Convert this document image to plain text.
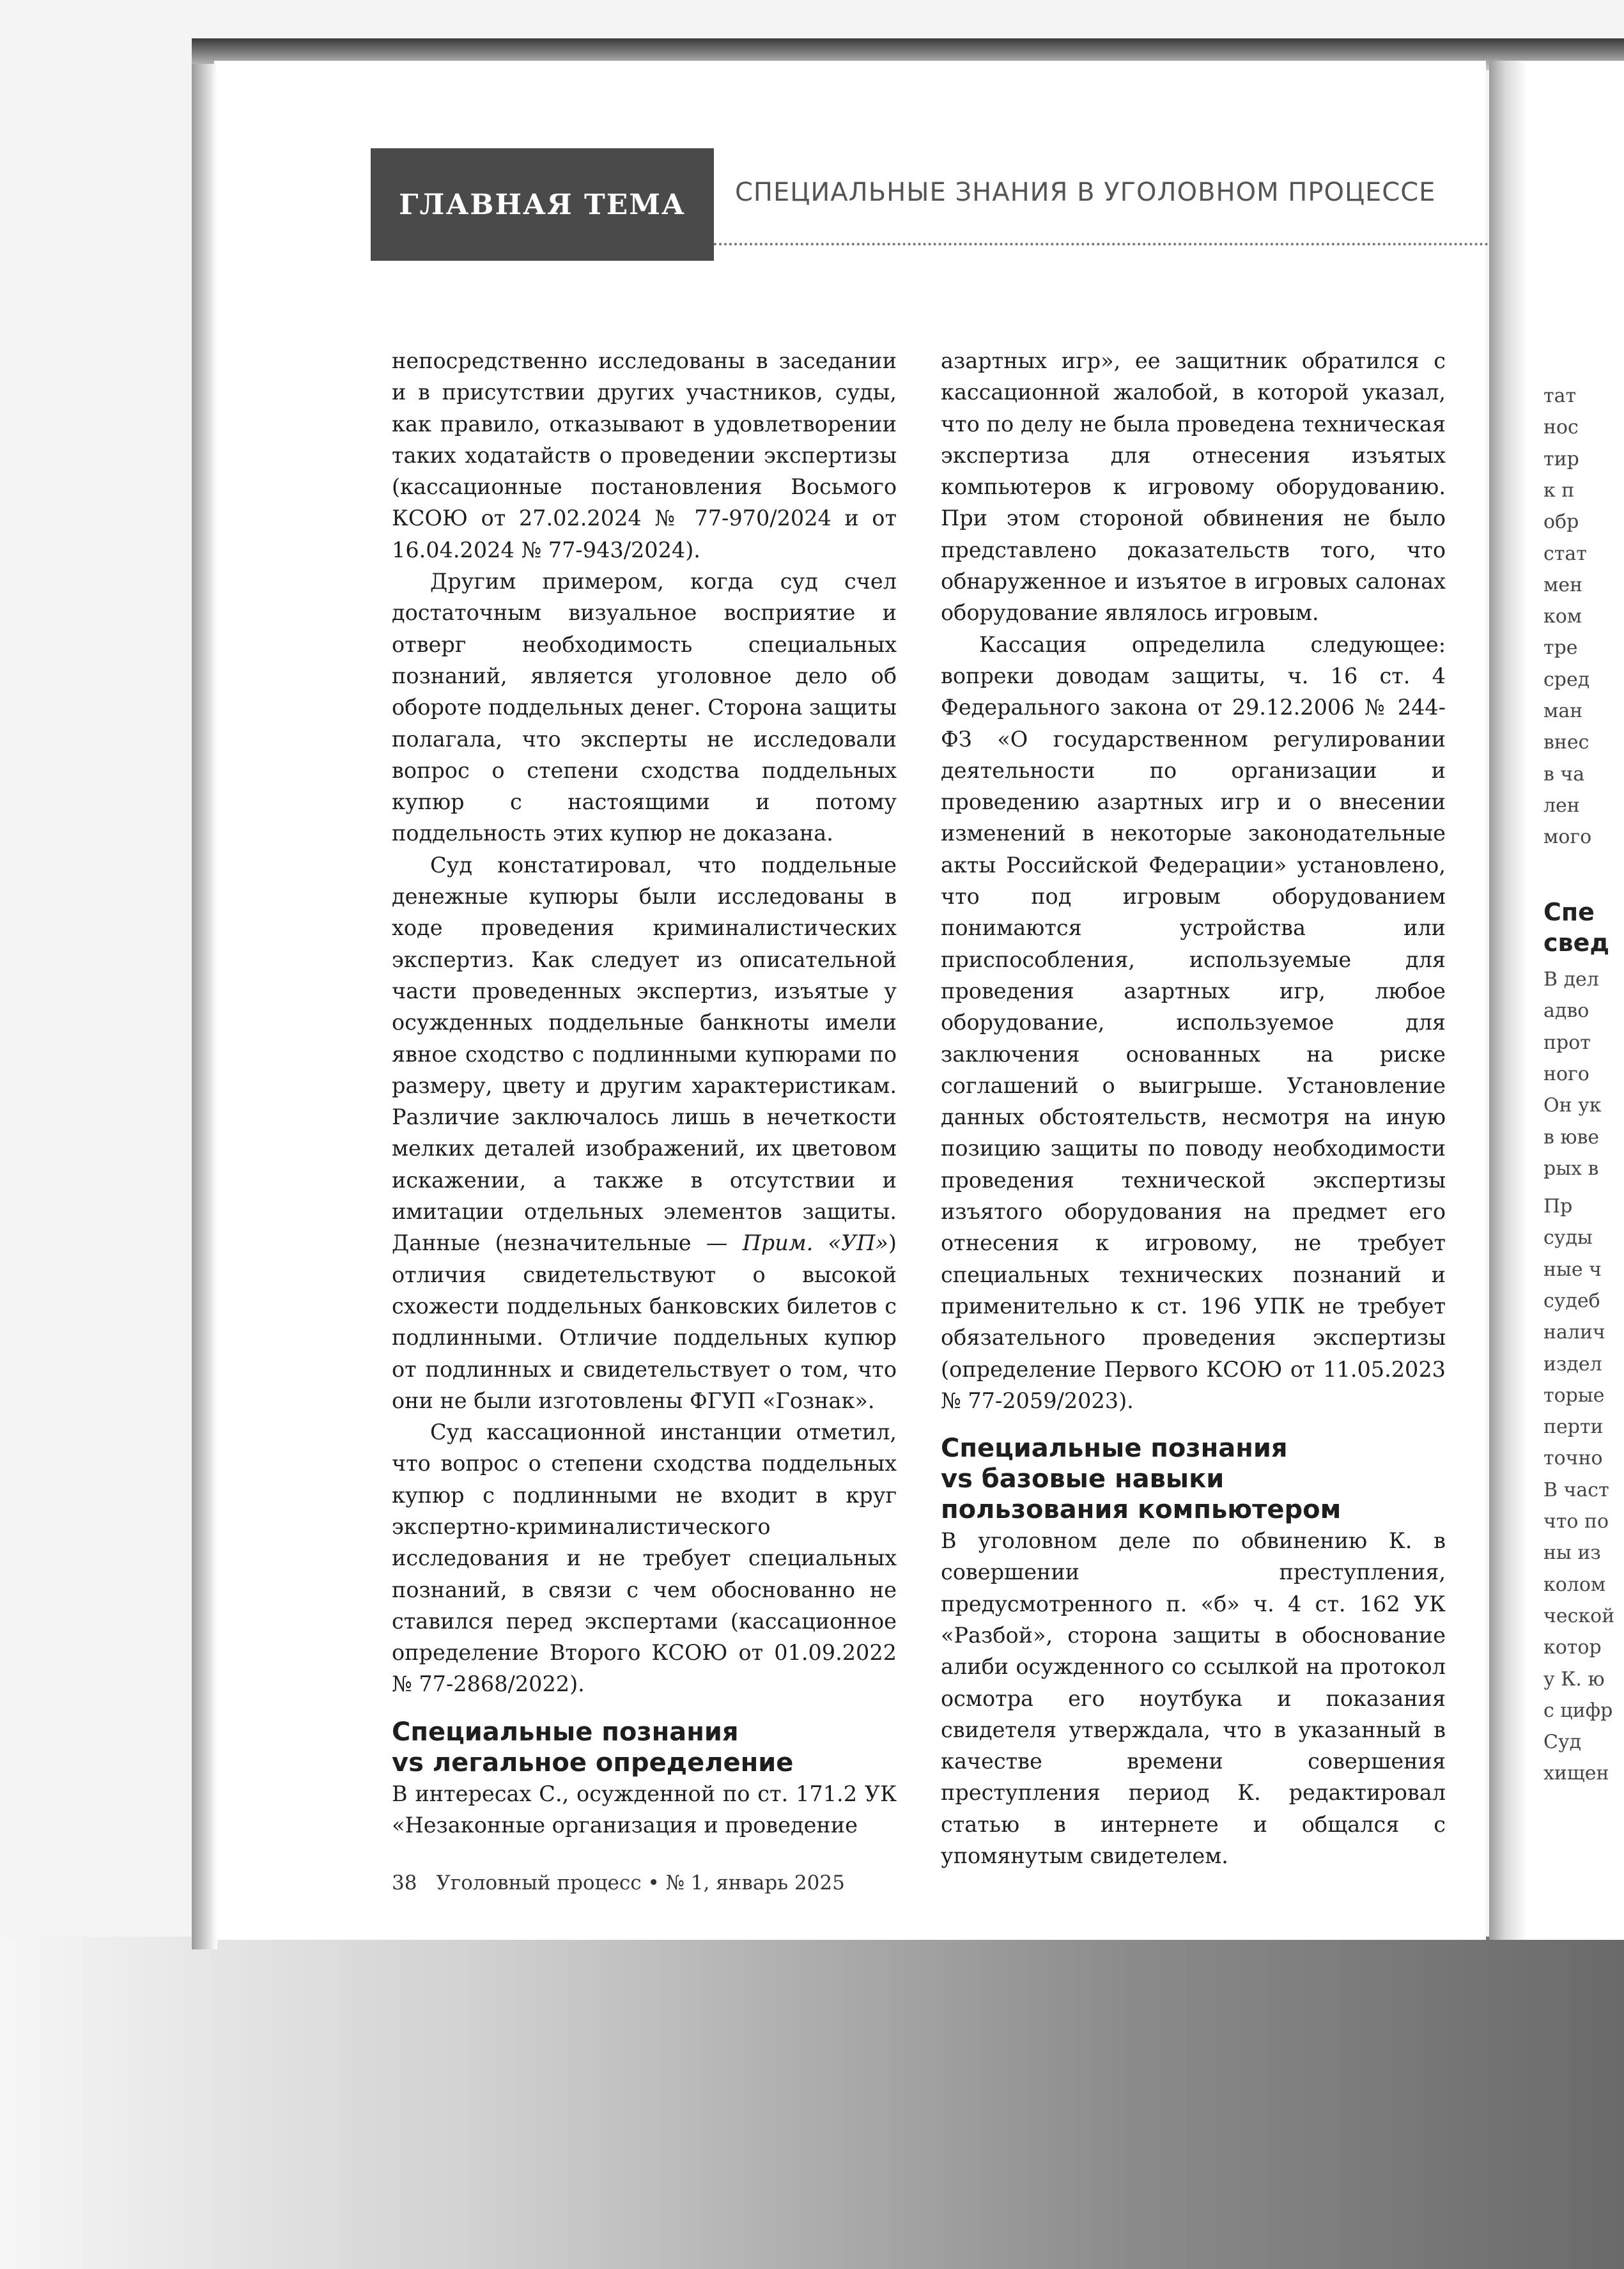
ГЛАВНАЯ ТЕМА	СПЕЦИАЛЬНЫЕ ЗНАНИЯ В УГОЛОВНОМ ПРОЦЕССЕ

непосредственно исследованы в заседании и в присутствии других участников, суды, как правило, отказывают в удовлетворении таких ходатайств о проведении экспертизы (кассационные постановления Восьмого КСОЮ от 27.02.2024 № 77-970/2024 и от 16.04.2024 № 77-943/2024).

Другим примером, когда суд счел достаточным визуальное восприятие и отверг необходимость специальных познаний, является уголовное дело об обороте поддельных денег. Сторона защиты полагала, что эксперты не исследовали вопрос о степени сходства поддельных купюр с настоящими и потому поддельность этих купюр не доказана.

Суд констатировал, что поддельные денежные купюры были исследованы в ходе проведения криминалистических экспертиз. Как следует из описательной части проведенных экспертиз, изъятые у осужденных поддельные банкноты имели явное сходство с подлинными купюрами по размеру, цвету и другим характеристикам. Различие заключалось лишь в нечеткости мелких деталей изображений, их цветовом искажении, а также в отсутствии и имитации отдельных элементов защиты. Данные (незначительные — Прим. «УП») отличия свидетельствуют о высокой схожести поддельных банковских билетов с подлинными. Отличие поддельных купюр от подлинных и свидетельствует о том, что они не были изготовлены ФГУП «Гознак».

Суд кассационной инстанции отметил, что вопрос о степени сходства поддельных купюр с подлинными не входит в круг экспертно-криминалистического исследования и не требует специальных познаний, в связи с чем обоснованно не ставился перед экспертами (кассационное определение Второго КСОЮ от 01.09.2022 № 77-2868/2022).

Специальные познания
vs легальное определение

В интересах С., осужденной по ст. 171.2 УК «Незаконные организация и проведение

азартных игр», ее защитник обратился с кассационной жалобой, в которой указал, что по делу не была проведена техническая экспертиза для отнесения изъятых компьютеров к игровому оборудованию. При этом стороной обвинения не было представлено доказательств того, что обнаруженное и изъятое в игровых салонах оборудование являлось игровым.

Кассация определила следующее: вопреки доводам защиты, ч. 16 ст. 4 Федерального закона от 29.12.2006 № 244-ФЗ «О государственном регулировании деятельности по организации и проведению азартных игр и о внесении изменений в некоторые законодательные акты Российской Федерации» установлено, что под игровым оборудованием понимаются устройства или приспособления, используемые для проведения азартных игр, любое оборудование, используемое для заключения основанных на риске соглашений о выигрыше. Установление данных обстоятельств, несмотря на иную позицию защиты по поводу необходимости проведения технической экспертизы изъятого оборудования на предмет его отнесения к игровому, не требует специальных технических познаний и применительно к ст. 196 УПК не требует обязательного проведения экспертизы (определение Первого КСОЮ от 11.05.2023 № 77-2059/2023).

Специальные познания
vs базовые навыки
пользования компьютером

В уголовном деле по обвинению К. в совершении преступления, предусмотренного п. «б» ч. 4 ст. 162 УК «Разбой», сторона защиты в обоснование алиби осужденного со ссылкой на протокол осмотра его ноутбука и показания свидетеля утверждала, что в указанный в качестве времени совершения преступления период К. редактировал статью в интернете и общался с упомянутым свидетелем.

38 Уголовный процесс • № 1, январь 2025
тат
нос
тир
к п
обр
стат
мен
ком
тре
сред
ман
внес
в ча
лен
мого
Спе
свед
В дел
адво
прот
ного
Он ук
в юве
рых в
Пр
суды
ные ч
судеб
налич
издел
торые
перти
точно
В част
что по
ны из
колом
ческой
котор
у К. ю
с цифр
Суд
хищен
